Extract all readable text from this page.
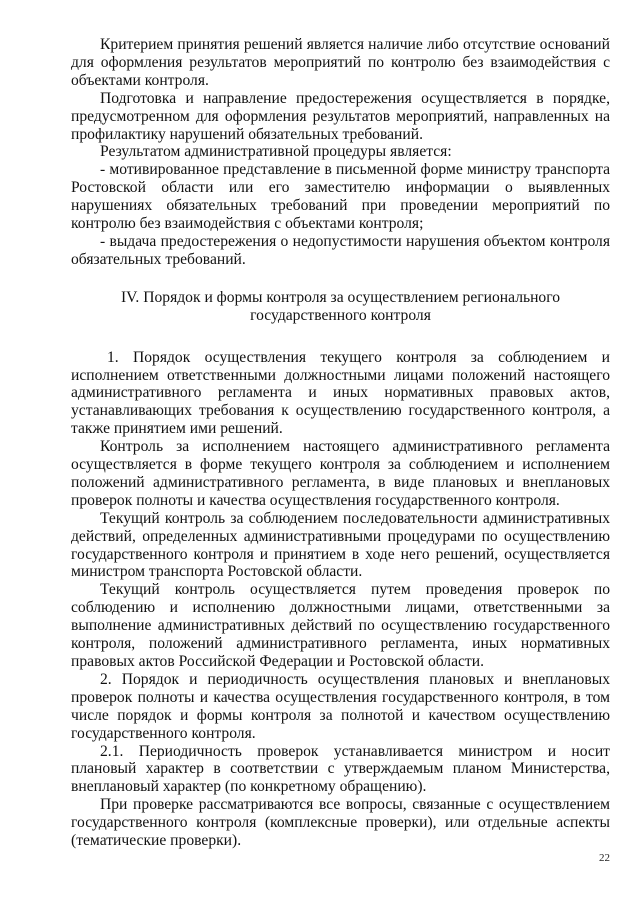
Критерием принятия решений является наличие либо отсутствие оснований для оформления результатов мероприятий по контролю без взаимодействия с объектами контроля.

Подготовка и направление предостережения осуществляется в порядке, предусмотренном для оформления результатов мероприятий, направленных на профилактику нарушений обязательных требований.

Результатом административной процедуры является:

- мотивированное представление в письменной форме министру транспорта Ростовской области или его заместителю информации о выявленных нарушениях обязательных требований при проведении мероприятий по контролю без взаимодействия с объектами контроля;

- выдача предостережения о недопустимости нарушения объектом контроля обязательных требований.

IV. Порядок и формы контроля за осуществлением регионального государственного контроля

1. Порядок осуществления текущего контроля за соблюдением и исполнением ответственными должностными лицами положений настоящего административного регламента и иных нормативных правовых актов, устанавливающих требования к осуществлению государственного контроля, а также принятием ими решений.

Контроль за исполнением настоящего административного регламента осуществляется в форме текущего контроля за соблюдением и исполнением положений административного регламента, в виде плановых и внеплановых проверок полноты и качества осуществления государственного контроля.

Текущий контроль за соблюдением последовательности административных действий, определенных административными процедурами по осуществлению государственного контроля и принятием в ходе него решений, осуществляется министром транспорта Ростовской области.

Текущий контроль осуществляется путем проведения проверок по соблюдению и исполнению должностными лицами, ответственными за выполнение административных действий по осуществлению государственного контроля, положений административного регламента, иных нормативных правовых актов Российской Федерации и Ростовской области.

2. Порядок и периодичность осуществления плановых и внеплановых проверок полноты и качества осуществления государственного контроля, в том числе порядок и формы контроля за полнотой и качеством осуществлению государственного контроля.

2.1. Периодичность проверок устанавливается министром и носит плановый характер в соответствии с утверждаемым планом Министерства, внеплановый характер (по конкретному обращению).

При проверке рассматриваются все вопросы, связанные с осуществлением государственного контроля (комплексные проверки), или отдельные аспекты (тематические проверки).

22
